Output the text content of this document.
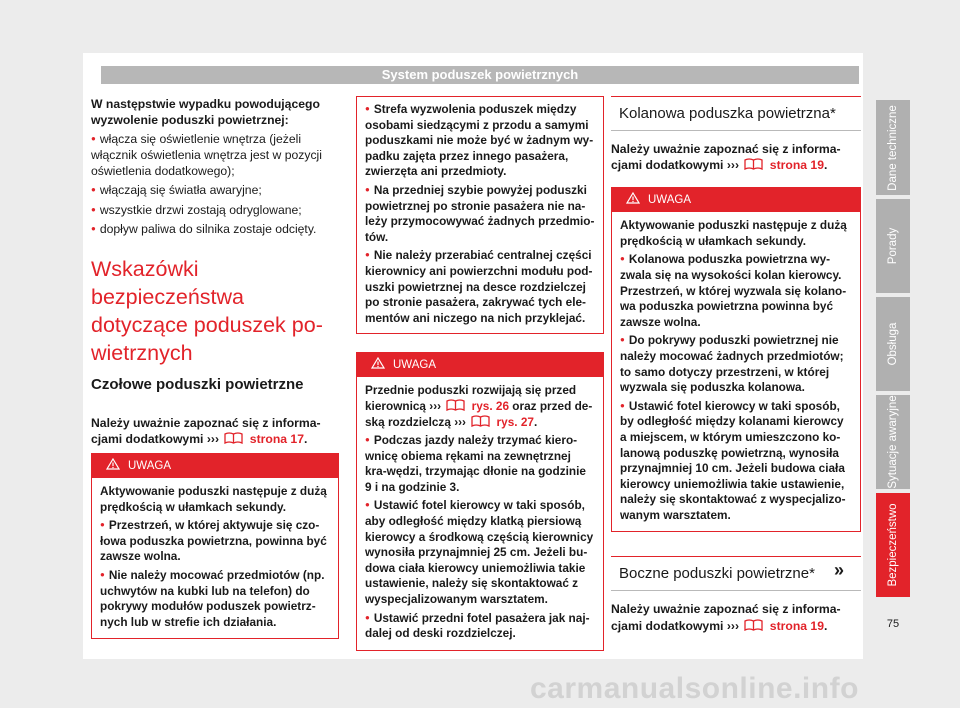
System poduszek powietrznych

W następstwie wypadku powodującego wyzwolenie poduszki powietrznej:

● włącza się oświetlenie wnętrza (jeżeli włącznik oświetlenia wnętrza jest w pozycji oświetlenia dodatkowego);
● włączają się światła awaryjne;
● wszystkie drzwi zostają odryglowane;
● dopływ paliwa do silnika zostaje odcięty.
Wskazówki bezpieczeństwa dotyczące poduszek po-wietrznych
Czołowe poduszki powietrzne

Należy uważnie zapoznać się z informa-cjami dodatkowymi ›››	strona 17.

UWAGA

Aktywowanie poduszki następuje z dużą prędkością w ułamkach sekundy.

● Przestrzeń, w której aktywuje się czo-łowa poduszka powietrzna, powinna być zawsze wolna.
● Nie należy mocować przedmiotów (np. uchwytów na kubki lub na telefon) do pokrywy modułów poduszek powietrz-nych lub w strefie ich działania.
● Strefa wyzwolenia poduszek między osobami siedzącymi z przodu a samymi poduszkami nie może być w żadnym wy-padku zajęta przez innego pasażera, zwierzęta ani przedmioty.
● Na przedniej szybie powyżej poduszki powietrznej po stronie pasażera nie na-leży przymocowywać żadnych przedmio-tów.
● Nie należy przerabiać centralnej części kierownicy ani powierzchni modułu pod-uszki powietrznej na desce rozdzielczej po stronie pasażera, zakrywać tych ele-mentów ani niczego na nich przyklejać.
UWAGA

Przednie poduszki rozwijają się przed kierownicą ›››	rys. 26 oraz przed de-ską rozdzielczą ›››	rys. 27.

● Podczas jazdy należy trzymać kiero-wnicę obiema rękami na zewnętrznej kra-wędzi, trzymając dłonie na godzinie 9 i na godzinie 3.
● Ustawić fotel kierowcy w taki sposób, aby odległość między klatką piersiową kierowcy a środkową częścią kierownicy wynosiła przynajmniej 25 cm. Jeżeli bu-dowa ciała kierowcy uniemożliwia takie ustawienie, należy się skontaktować z wyspecjalizowanym warsztatem.
● Ustawić przedni fotel pasażera jak naj-dalej od deski rozdzielczej.
Kolanowa poduszka powietrzna*

Należy uważnie zapoznać się z informa-cjami dodatkowymi ›››	strona 19.

UWAGA

Aktywowanie poduszki następuje z dużą prędkością w ułamkach sekundy.

● Kolanowa poduszka powietrzna wy-zwala się na wysokości kolan kierowcy. Przestrzeń, w której wyzwala się kolano-wa poduszka powietrzna powinna być zawsze wolna.
● Do pokrywy poduszki powietrznej nie należy mocować żadnych przedmiotów; to samo dotyczy przestrzeni, w której wyzwala się poduszka kolanowa.
● Ustawić fotel kierowcy w taki sposób, by odległość między kolanami kierowcy a miejscem, w którym umieszczono ko-lanową poduszkę powietrzną, wynosiła przynajmniej 10 cm. Jeżeli budowa ciała kierowcy uniemożliwia takie ustawienie, należy się skontaktować z wyspecjalizo-wanym warsztatem.
Boczne poduszki powietrzne*

Należy uważnie zapoznać się z informa-cjami dodatkowymi ›››	strona 19.

»
Dane techniczne
Porady
Obsługa
Sytuacje awaryjne
Bezpieczeństwo
75
carmanualsonline.info
